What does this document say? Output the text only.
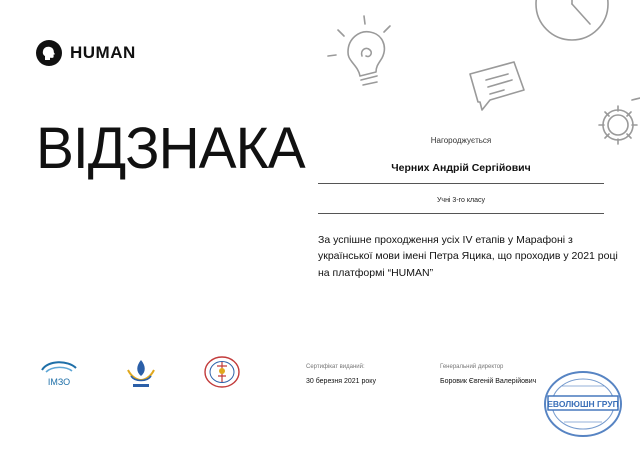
HUMAN
ВІДЗНАКА	Нагороджується
Черних Андрій Сергійович
Учні 3-го класу
За успішне проходження усіх IV етапів у Марафоні з української мови імені Петра Яцика, що проходив у 2021 році на платформі “HUMAN”
ІМЗО
Сертифікат виданий:
30 березня 2021 року
Генеральний директор
Боровик Євгеній Валерійович
ЕВОЛЮШН ГРУП
